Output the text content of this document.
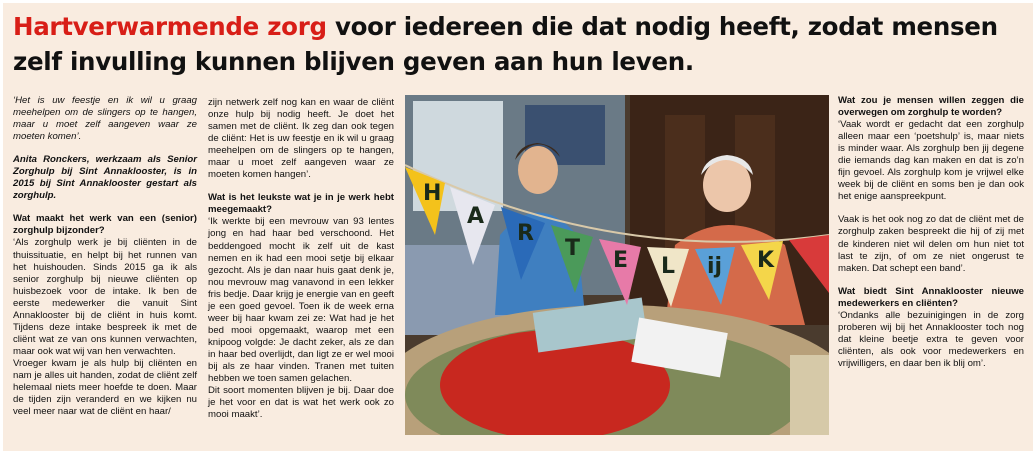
Hartverwarmende zorg voor iedereen die dat nodig heeft, zodat mensen zelf invulling kunnen blijven geven aan hun leven.

‘Het is uw feestje en ik wil u graag meehelpen om de slingers op te hangen, maar u moet zelf aangeven waar ze moeten komen’.

Anita Ronckers, werkzaam als Senior Zorghulp bij Sint Annaklooster, is in 2015 bij Sint Annaklooster gestart als zorghulp.

Wat maakt het werk van een (senior) zorghulp bijzonder?

‘Als zorghulp werk je bij cliënten in de thuissituatie, en helpt bij het runnen van het huishouden. Sinds 2015 ga ik als senior zorghulp bij nieuwe cliënten op huisbezoek voor de intake. Ik ben de eerste medewerker die vanuit Sint Annaklooster bij de cliënt in huis komt. Tijdens deze intake bespreek ik met de cliënt wat ze van ons kunnen verwachten, maar ook wat wij van hen verwachten.

Vroeger kwam je als hulp bij cliënten en nam je alles uit handen, zodat de cliënt zelf helemaal niets meer hoefde te doen. Maar de tijden zijn veranderd en we kijken nu veel meer naar wat de cliënt en haar/

zijn netwerk zelf nog kan en waar de cliënt onze hulp bij nodig heeft. Je doet het samen met de cliënt. Ik zeg dan ook tegen de cliënt: Het is uw feestje en ik wil u graag meehelpen om de slingers op te hangen, maar u moet zelf aangeven waar ze moeten komen hangen’.

Wat is het leukste wat je in je werk hebt meegemaakt?

‘Ik werkte bij een mevrouw van 93 lentes jong en had haar bed verschoond. Het beddengoed mocht ik zelf uit de kast nemen en ik had een mooi setje bij elkaar gezocht. Als je dan naar huis gaat denk je, nou mevrouw mag vanavond in een lekker fris bedje. Daar krijg je energie van en geeft je een goed gevoel. Toen ik de week erna weer bij haar kwam zei ze: Wat had je het bed mooi opgemaakt, waarop met een knipoog volgde: Je dacht zeker, als ze dan in haar bed overlijdt, dan ligt ze er wel mooi bij als ze haar vinden. Tranen met tuiten hebben we toen samen gelachen.

Dit soort momenten blijven je bij. Daar doe je het voor en dat is wat het werk ook zo mooi maakt’.

H
A
R
T E L ij K

Wat zou je mensen willen zeggen die overwegen om zorghulp te worden?

‘Vaak wordt er gedacht dat een zorghulp alleen maar een ‘poetshulp’ is, maar niets is minder waar. Als zorghulp ben jij degene die iemands dag kan maken en dat is zo’n fijn gevoel. Als zorghulp kom je vrijwel elke week bij de cliënt en soms ben je dan ook het enige aanspreekpunt.

Vaak is het ook nog zo dat de cliënt met de zorghulp zaken bespreekt die hij of zij met de kinderen niet wil delen om hun niet tot last te zijn, of om ze niet ongerust te maken. Dat schept een band’.

Wat biedt Sint Annaklooster nieuwe medewerkers en cliënten?

‘Ondanks alle bezuinigingen in de zorg proberen wij bij het Annaklooster toch nog dat kleine beetje extra te geven voor cliënten, als ook voor medewerkers en vrijwilligers, en daar ben ik blij om’.
